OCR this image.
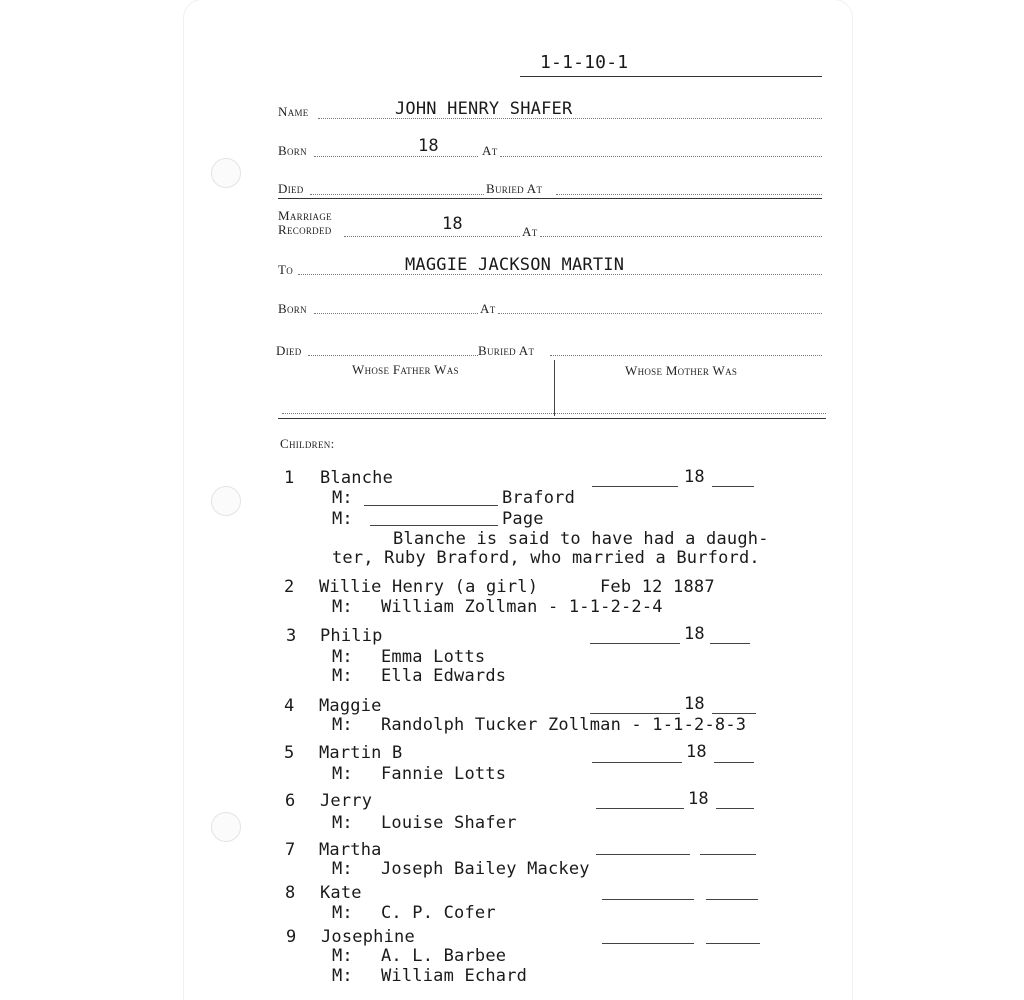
1-1-10-1
Name	JOHN HENRY SHAFER
Born	18	At
Died	Buried At
Marriage
Recorded	18	At
To	MAGGIE JACKSON MARTIN
Born	At
Died	Buried At
Whose Father Was	Whose Mother Was
Children:
1 Blanche	18
M:	Braford
M:	Page
Blanche is said to have had a daugh-
ter, Ruby Braford, who married a Burford.
2 Willie Henry (a girl)	Feb 12 1887
M: William Zollman - 1-1-2-2-4
3 Philip	18
M: Emma Lotts
M: Ella Edwards
4 Maggie	18
M: Randolph Tucker Zollman - 1-1-2-8-3
5 Martin B	18
M: Fannie Lotts
6 Jerry	18
M: Louise Shafer
7 Martha
M: Joseph Bailey Mackey
8 Kate
M: C. P. Cofer
9 Josephine
M: A. L. Barbee
M: William Echard
